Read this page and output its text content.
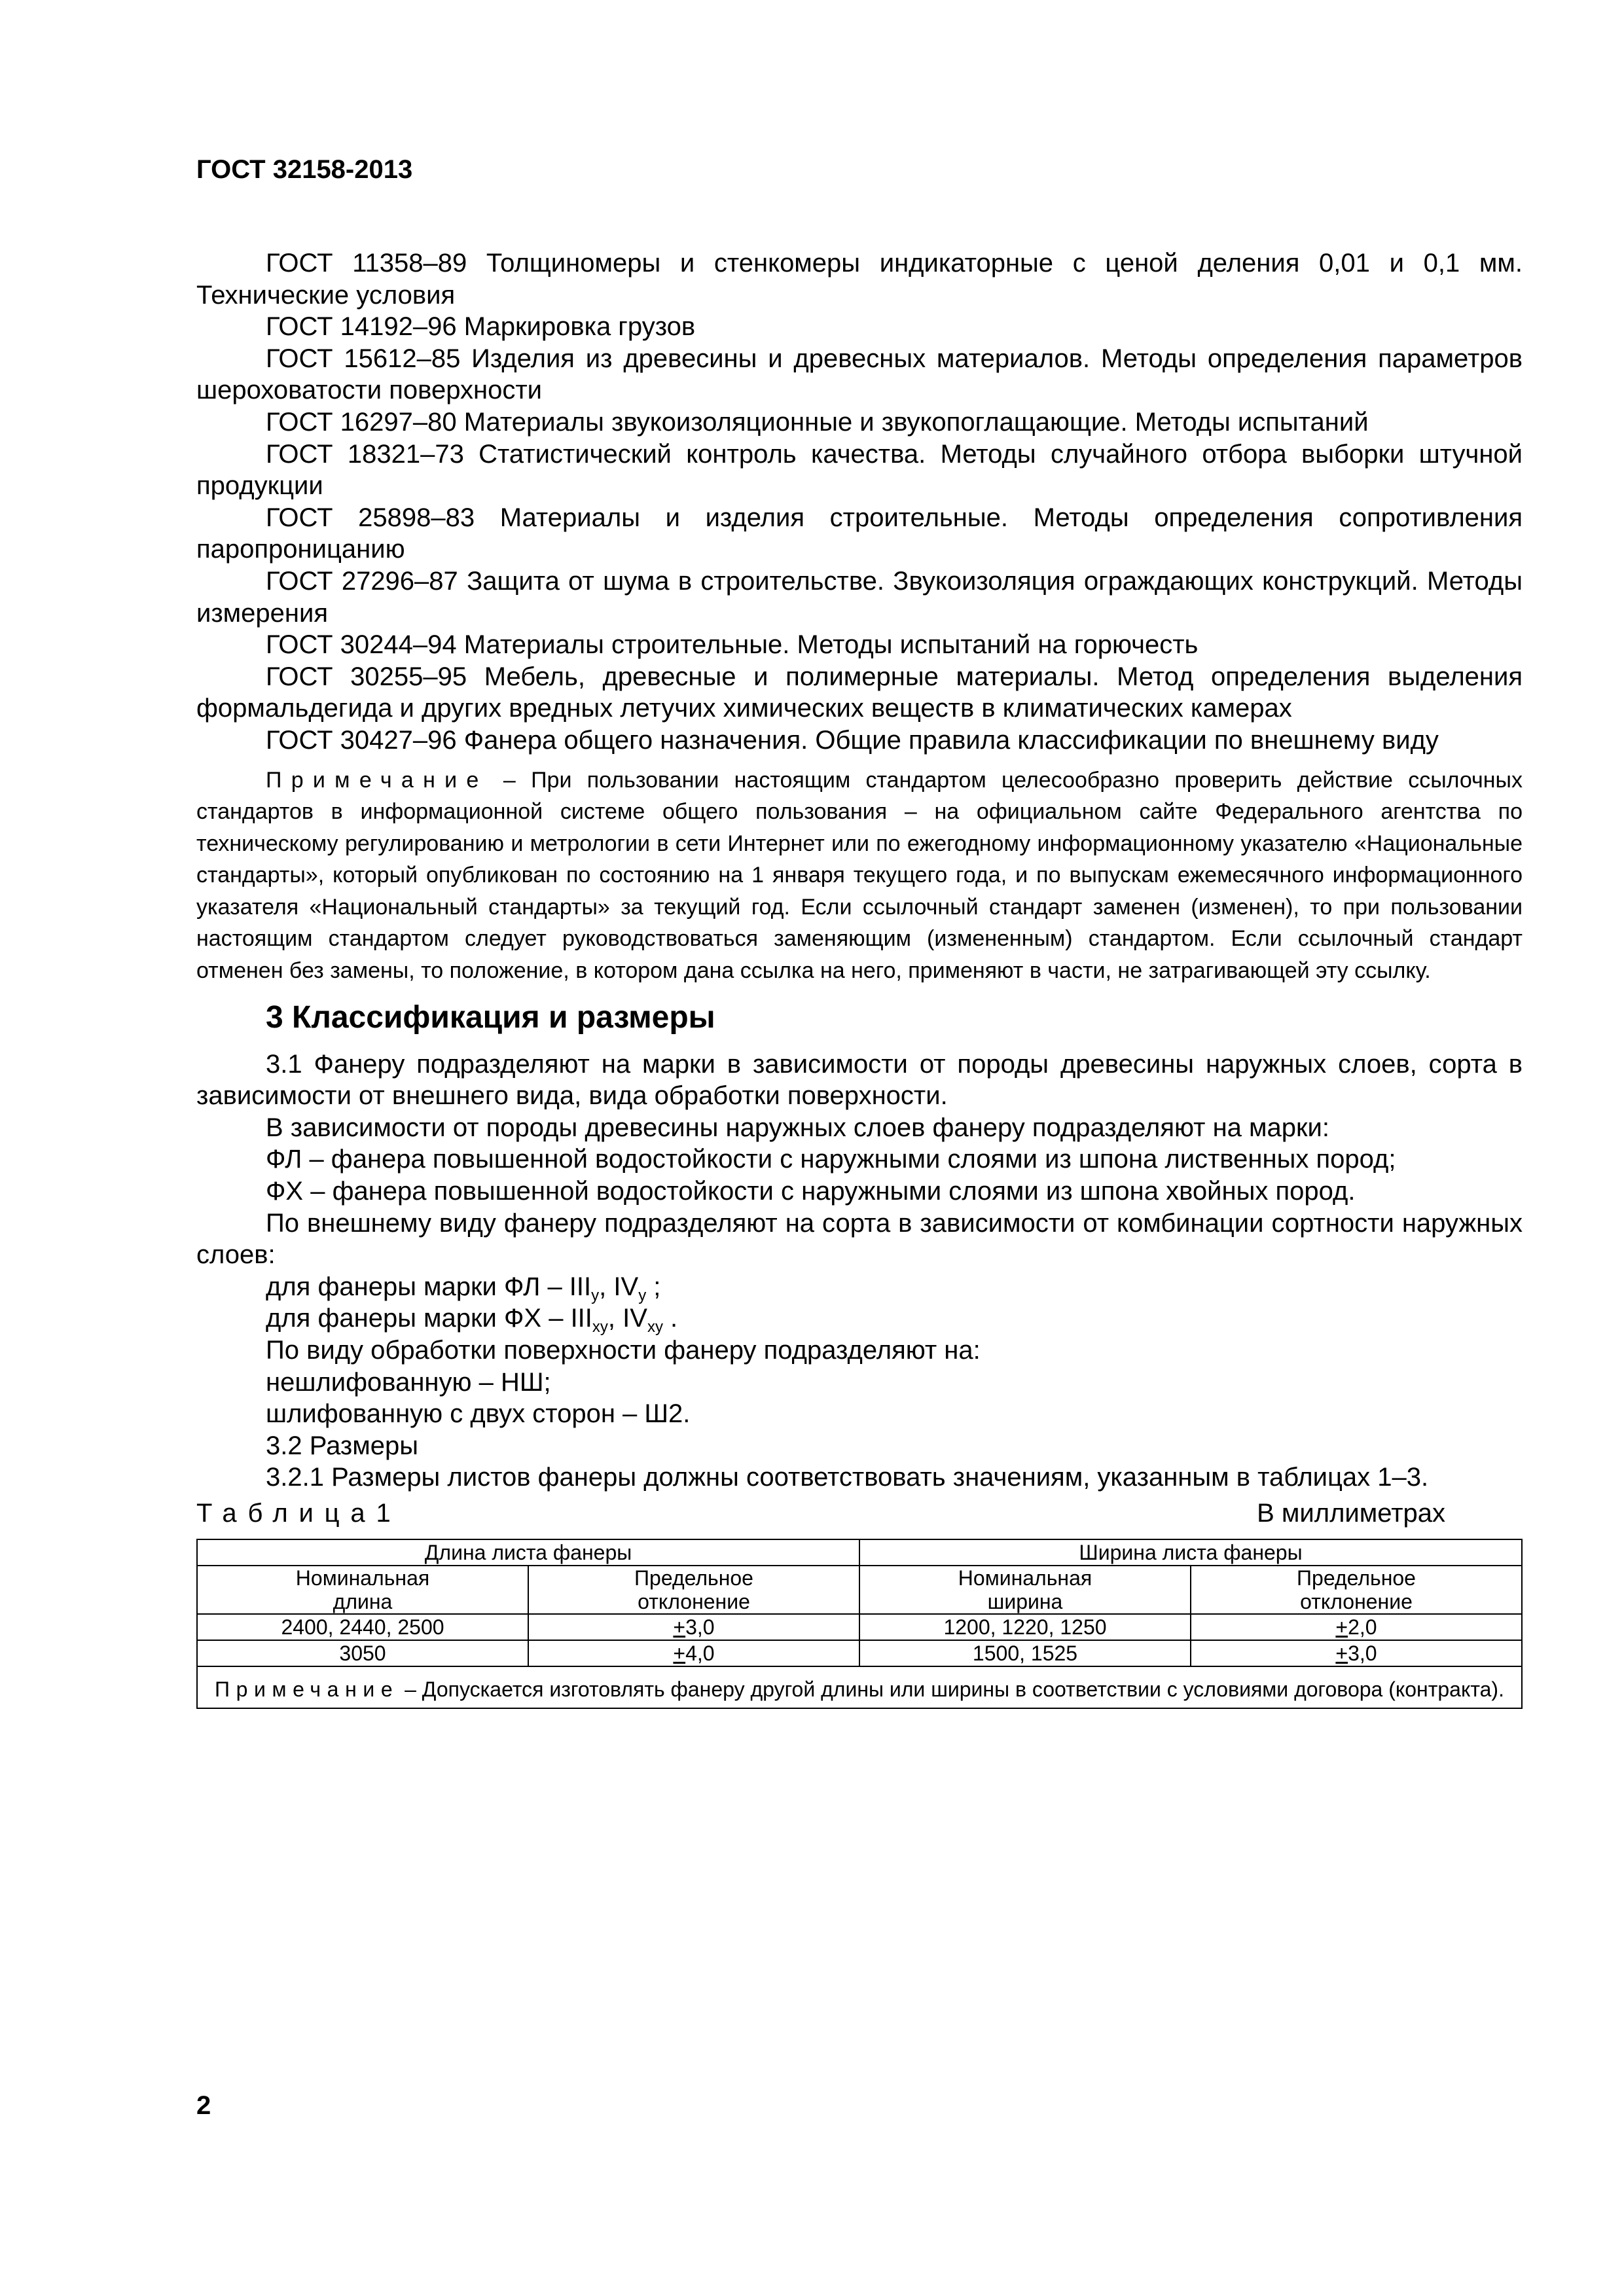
ГОСТ 32158-2013

ГОСТ 11358–89 Толщиномеры и стенкомеры индикаторные с ценой деления 0,01 и 0,1 мм. Технические условия

ГОСТ 14192–96 Маркировка грузов

ГОСТ 15612–85 Изделия из древесины и древесных материалов. Методы определения параметров шероховатости поверхности

ГОСТ 16297–80 Материалы звукоизоляционные и звукопоглащающие. Методы испытаний

ГОСТ 18321–73 Статистический контроль качества. Методы случайного отбора выборки штучной продукции

ГОСТ 25898–83 Материалы и изделия строительные. Методы определения сопротивления паропроницанию

ГОСТ 27296–87 Защита от шума в строительстве. Звукоизоляция ограждающих конструкций. Методы измерения

ГОСТ 30244–94 Материалы строительные. Методы испытаний на горючесть

ГОСТ 30255–95 Мебель, древесные и полимерные материалы. Метод определения выделения формальдегида и других вредных летучих химических веществ в климатических камерах

ГОСТ 30427–96 Фанера общего назначения. Общие правила классификации по внешнему виду

Примечание – При пользовании настоящим стандартом целесообразно проверить действие ссылочных стандартов в информационной системе общего пользования – на официальном сайте Федерального агентства по техническому регулированию и метрологии в сети Интернет или по ежегодному информационному указателю «Национальные стандарты», который опубликован по состоянию на 1 января текущего года, и по выпускам ежемесячного информационного указателя «Национальный стандарты» за текущий год. Если ссылочный стандарт заменен (изменен), то при пользовании настоящим стандартом следует руководствоваться заменяющим (измененным) стандартом. Если ссылочный стандарт отменен без замены, то положение, в котором дана ссылка на него, применяют в части, не затрагивающей эту ссылку.

3 Классификация и размеры

3.1 Фанеру подразделяют на марки в зависимости от породы древесины наружных слоев, сорта в зависимости от внешнего вида, вида обработки поверхности.

В зависимости от породы древесины наружных слоев фанеру подразделяют на марки:

ФЛ – фанера повышенной водостойкости с наружными слоями из шпона лиственных пород;

ФХ – фанера повышенной водостойкости с наружными слоями из шпона хвойных пород.

По внешнему виду фанеру подразделяют на сорта в зависимости от комбинации сортности наружных слоев:

для фанеры марки ФЛ – $III_y$, $IV_y$ ;

для фанеры марки ФХ – $III_{xy}$, $IV_{xy}$ .

По виду обработки поверхности фанеру подразделяют на:

нешлифованную – НШ;

шлифованную с двух сторон – Ш2.

3.2 Размеры

3.2.1 Размеры листов фанеры должны соответствовать значениям, указанным в таблицах 1–3.

Таблица1	В миллиметрах
Длина листа фанеры		Ширина листа фанеры	
Номинальная
длина	Предельное
отклонение	Номинальная
ширина	Предельное
отклонение
2400, 2440, 2500	+3,0	1200, 1220, 1250	+2,0
3050	+4,0	1500, 1525	+3,0
Примечание – Допускается изготовлять фанеру другой длины или ширины в соответствии с условиями договора (контракта).			
2
